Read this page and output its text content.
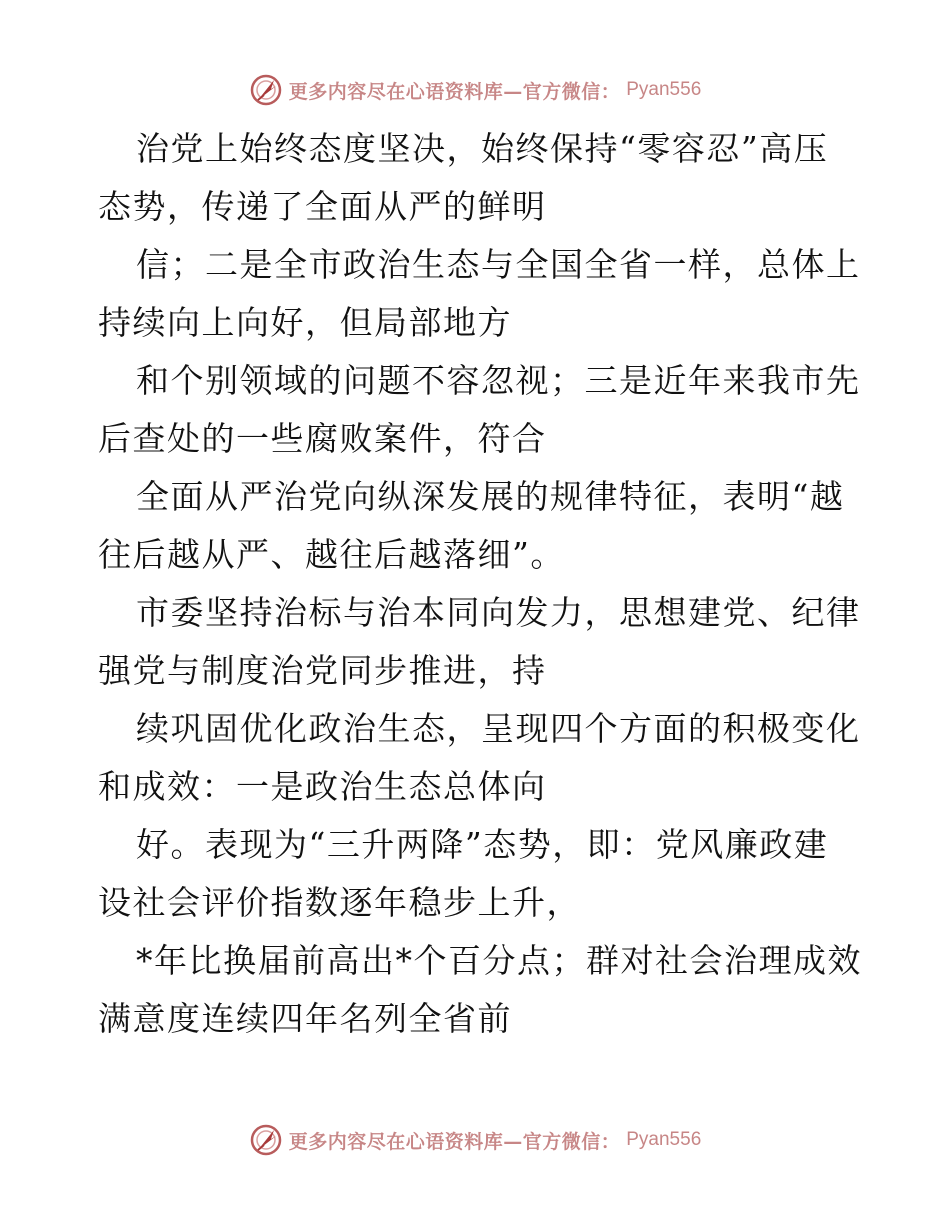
更多内容尽在心语资料库—官方微信： Pyan556
治党上始终态度坚决，始终保持“零容忍”高压
态势，传递了全面从严的鲜明
信；二是全市政治生态与全国全省一样，总体上
持续向上向好，但局部地方
和个别领域的问题不容忽视；三是近年来我市先
后查处的一些腐败案件，符合
全面从严治党向纵深发展的规律特征，表明“越
往后越从严、越往后越落细”。
市委坚持治标与治本同向发力，思想建党、纪律
强党与制度治党同步推进，持
续巩固优化政治生态，呈现四个方面的积极变化
和成效：一是政治生态总体向
好。表现为“三升两降”态势，即：党风廉政建
设社会评价指数逐年稳步上升，
*年比换届前高出*个百分点；群对社会治理成效
满意度连续四年名列全省前
更多内容尽在心语资料库—官方微信： Pyan556
